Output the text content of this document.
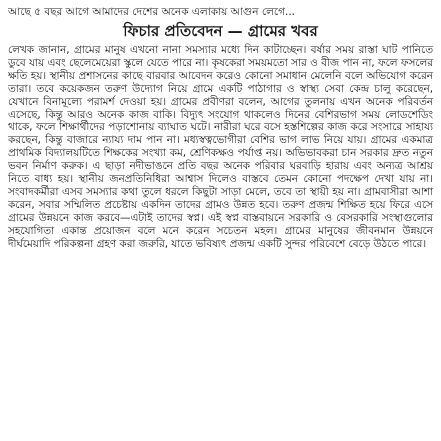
আছে ৫ বছর আগে আমাদের দেশের অনেক এলাকায় আগুন লেগে...
ফিচার প্রতিবেদন — গ্রামের খবর

লেখক জানান, গ্রামের মানুষ এখনো নানা সমস্যার মধ্যে দিন কাটাচ্ছেন। বর্ষার সময় রাস্তা ঘাট পানিতে ডুবে যায় এবং ছেলেমেয়েরা স্কুলে যেতে পারে না। কৃষকেরা সময়মতো সার ও বীজ পান না, ফলে ফসলের ক্ষতি হয়। স্থানীয় প্রশাসনের কাছে বারবার আবেদন করেও কোনো সমাধান মেলেনি বলে অভিযোগ করেন তারা। তবে কয়েকজন তরুণ উদ্যোগ নিয়ে গ্রামে একটি পাঠাগার ও স্বাস্থ্য সেবা কেন্দ্র চালু করেছেন, যেখানে বিনামূল্যে পরামর্শ দেওয়া হয়। গ্রামের প্রবীণরা বলেন, আগের তুলনায় এখন অনেক পরিবর্তন এসেছে, কিন্তু আরও অনেক কাজ বাকি। বিদ্যুৎ সংযোগ থাকলেও দিনের বেশিরভাগ সময় লোডশেডিং থাকে, ফলে শিক্ষার্থীদের পড়াশোনায় ব্যাঘাত ঘটে। নারীরা ঘরে বসে হস্তশিল্পের কাজ করে সংসারে সাহায্য করছেন, কিন্তু বাজারে ন্যায্য দাম পান না। মধ্যস্বত্বভোগীরা বেশির ভাগ লাভ নিয়ে যায়। গ্রামের একমাত্র প্রাথমিক বিদ্যালয়টিতে শিক্ষকের সংখ্যা কম, শ্রেণিকক্ষও পর্যাপ্ত নয়। অভিভাবকরা চান সরকার দ্রুত নতুন ভবন নির্মাণ করুক। এ ছাড়া নদীভাঙনে প্রতি বছর অনেক পরিবার ঘরবাড়ি হারায় এবং অন্যত্র আশ্রয় নিতে বাধ্য হয়। স্থানীয় জনপ্রতিনিধিরা আশ্বাস দিলেও বাস্তবে তেমন কোনো পদক্ষেপ দেখা যায় না। সংবাদকর্মীরা এসব সমস্যার কথা তুলে ধরলে কিছুটা সাড়া মেলে, তবে তা স্থায়ী হয় না। গ্রামবাসীরা আশা করেন, সবার সম্মিলিত প্রচেষ্টায় একদিন তাদের গ্রামও উন্নত হবে। তরুণ প্রজন্ম শিক্ষিত হয়ে ফিরে এসে গ্রামের উন্নয়নে কাজ করবে—এটাই তাদের স্বপ্ন। এই স্বপ্ন বাস্তবায়নে সরকারি ও বেসরকারি সংস্থাগুলোর সহযোগিতা একান্ত প্রয়োজন বলে মনে করেন সচেতন মহল। গ্রামের মানুষের জীবনমান উন্নয়নে দীর্ঘমেয়াদি পরিকল্পনা গ্রহণ করা জরুরি, যাতে ভবিষ্যৎ প্রজন্ম একটি সুন্দর পরিবেশে বেড়ে উঠতে পারে।
